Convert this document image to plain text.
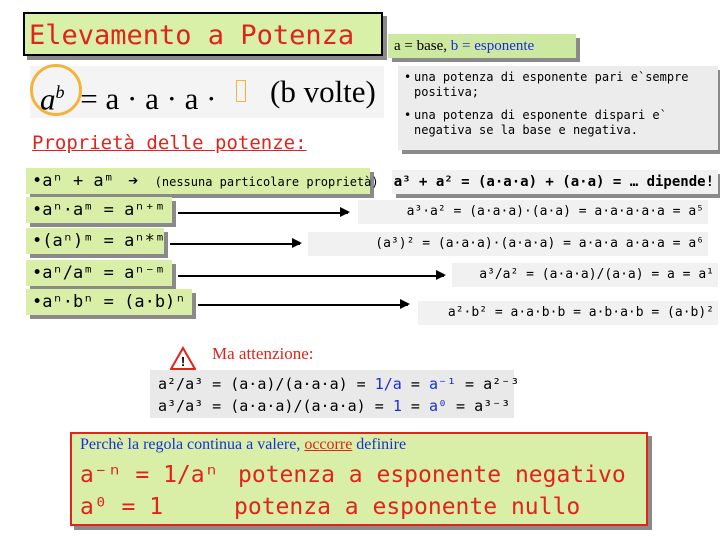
Elevamento a Potenza	a = base, b = esponente
$a^b = a \cdot a \cdot a \cdot (b$ volte) • una potenza di esponente pari e`sempre positiva;
• una potenza di esponente dispari e` negativa se la base e negativa.
Proprietà delle potenze:
•aⁿ + aᵐ ➔ (nessuna particolare proprietà)
•aⁿ·aᵐ = aⁿ⁺ᵐ
•(aⁿ)ᵐ = aⁿ*ᵐ
•aⁿ/aᵐ = aⁿ⁻ᵐ
•aⁿ·bⁿ = (a·b)ⁿ
a³ + a² = (a·a·a) + (a·a) = … dipende!
a³·a² = (a·a·a)·(a·a) = a·a·a·a·a = a⁵
(a³)² = (a·a·a)·(a·a·a) = a·a·a a·a·a = a⁶
a³/a² = (a·a·a)/(a·a) = a = a¹
a²·b² = a·a·b·b = a·b·a·b = (a·b)²
! Ma attenzione:
a²/a³ = (a·a)/(a·a·a) = 1/a = a⁻¹ = a²⁻³
a³/a³ = (a·a·a)/(a·a·a) = 1 = a⁰ = a³⁻³
Perchè la regola continua a valere, occorre definire
a⁻ⁿ = 1/aⁿ potenza a esponente negativo
a⁰ = 1	potenza a esponente nullo
